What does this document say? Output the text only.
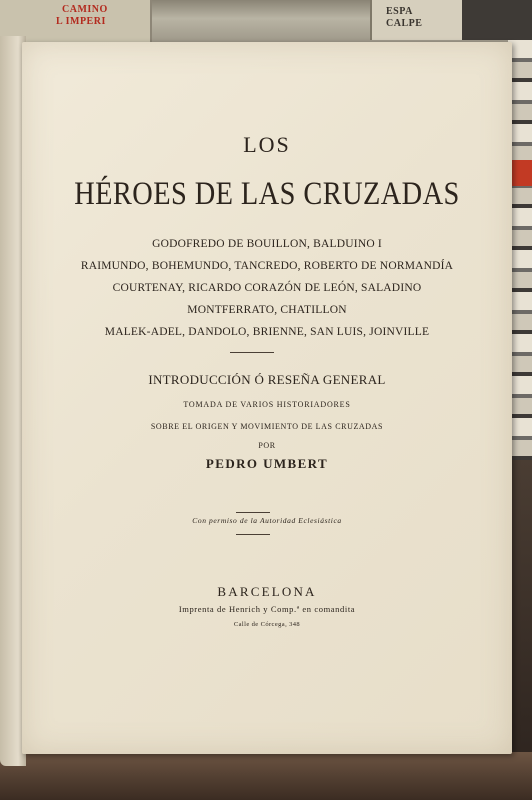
CAMINO
L IMPERI
ESPA
CALPE
LOS
HÉROES DE LAS CRUZADAS
GODOFREDO DE BOUILLON, BALDUINO I
RAIMUNDO, BOHEMUNDO, TANCREDO, ROBERTO DE NORMANDÍA
COURTENAY, RICARDO CORAZÓN DE LEÓN, SALADINO
MONTFERRATO, CHATILLON
MALEK-ADEL, DANDOLO, BRIENNE, SAN LUIS, JOINVILLE
INTRODUCCIÓN Ó RESEÑA GENERAL
TOMADA DE VARIOS HISTORIADORES
SOBRE EL ORIGEN Y MOVIMIENTO DE LAS CRUZADAS
POR
PEDRO UMBERT
Con permiso de la Autoridad Eclesiástica
BARCELONA
Imprenta de Henrich y Comp.ª en comandita
Calle de Córcega, 348
